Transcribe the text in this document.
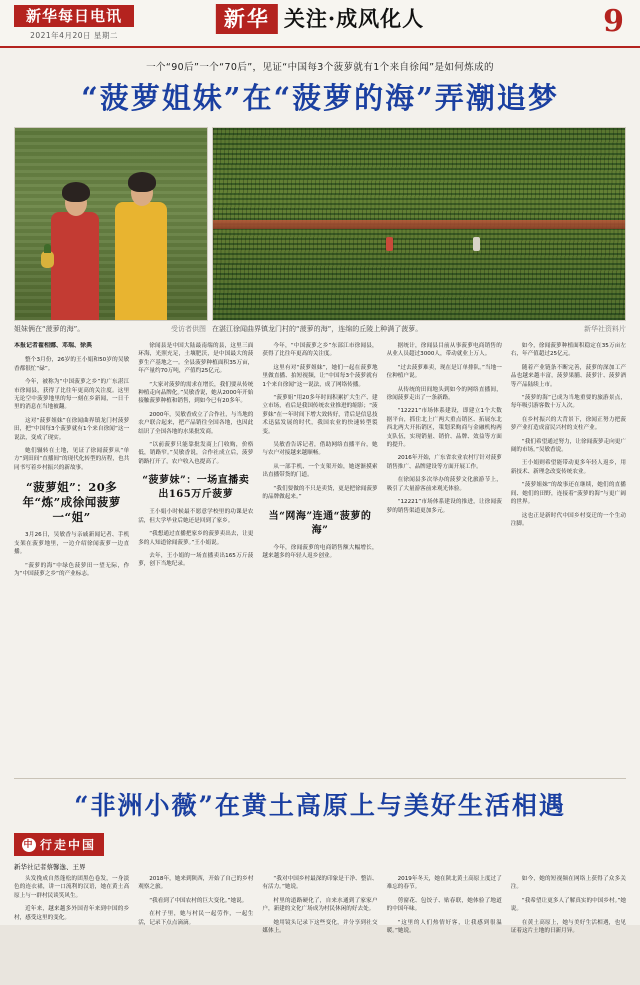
新华每日电讯
2021年4月20日 星期二
新华 关注·成风化人	9
一个“90后”一个“70后”，见证“中国每3个菠萝就有1个来自徐闻”是如何炼成的
“菠萝姐妹”在“菠萝的海”弄潮追梦
姐妹俩在“菠萝的海”。	受访者供图 在湛江徐闻曲界镇龙门村的“菠萝的海”，连绵的丘陵上种满了菠萝。	新华社资料片
本报记者翟相娜、邓瑞、徐典

整个3月份，26岁的王小娟和50岁的吴敏香都很忙“碌”。

今年，被称为“中国菠萝之乡”的广东湛江市徐闻县，获得了比往年更高的关注度。这里无论空中菠萝地里的每一刻在乡新闻，一日千里的消息在当地被翻。

这对“菠萝姐妹”在徐闻曲界镇龙门村菠萝田，把“中国每3个菠萝就有1个来自徐闻”这一说法，变成了现实。

她们辗转在土地，见证了徐闻菠萝从“单方”到田间“直播间”的现代化转型的历程，也共同书写着乡村振兴的新故事。

“菠萝姐”：20多年“炼”成徐闻菠萝一“姐”

3月26日，吴敏香与亲戚新闻记者、手机支架在菠萝地里，一边介绍徐闻菠萝一边直播。

“菠萝的海”中绿色菠萝田一望无际，作为“中国菠萝之乡”的产业标志。

徐闻县是中国大陆最南端的县，这里三面环海，光照充足，土壤肥沃，是中国最大的菠萝生产基地之一。全县菠萝种植面积35万亩，年产量约70万吨，产值约25亿元。

“大家对菠萝的需求在增长，我们要从传统种植走向品牌化。”吴敏香说，她从2000年开始接触菠萝种植和销售，到如今已有20多年。

2000年，吴敏香成立了合作社，与当地的农户联合起来，把产品销往全国各地，也因此结识了全国各地的水果批发商。

“以前菠萝只能靠批发商上门收购，价格低，销路窄。”吴敏香说，合作社成立后，菠萝销路打开了，农户收入也提高了。

“菠萝妹”：一场直播卖出165万斤菠萝

王小娟小时候最不愿意学校里的功课是农活，但大学毕业后她还是回到了家乡。

“我想通过直播把家乡的菠萝卖出去，让更多的人知道徐闻菠萝。”王小娟说。

去年，王小娟的一场直播卖出165万斤菠萝，创下当地纪录。

今年，“中国菠萝之乡”东部江市徐闻县，获得了比往年更高的关注度。

这里有对“菠萝姐妹”，她们一起在菠萝地里做直播、拍短视频，让“中国每3个菠萝就有1个来自徐闻”这一说法，成了网络传播。

“菠萝姐”用20多年时间积累扩大生产、建立市场，看后是我国传统农业推进的缩影；“菠萝妹”在一年时间下增大效转好，背后是信息技术迅猛发展的时代，我国农业的快速转型裂变。

吴敏香告诉记者，借助网络直播平台，她与农户对接越来越顺畅。

从一部手机、一个支架开始，她逐渐摸索出直播带货的门道。

“我们要做的不只是卖货，更是把徐闻菠萝的品牌做起来。”

当“网海”连通“菠萝的海”

今年，徐闻菠萝的电商销售额大幅增长，越来越多的年轻人返乡创业。

据统计，徐闻县目前从事菠萝电商销售的从业人员超过3000人，带动就业上万人。

“过去菠萝难卖，现在是订单排队。”当地一位种植户说。

从传统的田间地头到如今的网络直播间，徐闻菠萝走出了一条新路。

“12221”市场体系建设，即建立1个大数据平台，抓住北上广两大重点销区、拓展东北西北两大开拓销区，策划采购商与金融机构两支队伍，实现销量、销价、品牌、效益等方面的提升。

2016年开始，广东省农业农村厅针对菠萝销售推广、品牌建设等方面开展工作。

在徐闻县多次举办的菠萝文化旅游节上，吸引了大量游客前来观光体验。

“12221”市场体系建设的推进，让徐闻菠萝的销售渠道更加多元。

如今，徐闻菠萝种植面积稳定在35万亩左右，年产值超过25亿元。

随着产业链条不断完善，菠萝的深加工产品也越来越丰富，菠萝果脯、菠萝汁、菠萝酒等产品陆续上市。

“菠萝的海”已成为当地重要的旅游景点，每年吸引游客数十万人次。

在乡村振兴的大背景下，徐闻正努力把菠萝产业打造成富民兴村的支柱产业。

“我们希望通过努力，让徐闻菠萝走向更广阔的市场。”吴敏香说。

王小娟则希望能带动更多年轻人返乡，用新技术、新理念改变传统农业。

“菠萝姐妹”的故事还在继续，她们的直播间、她们的田野，连接着“菠萝的海”与更广阔的世界。

这也正是新时代中国乡村变迁的一个生动注脚。

“非洲小薇”在黄土高原上与美好生活相遇
中 行走中国
新华社记者蔡馨逸、王界

头发挽成自然蓬松的团黑色卷发，一身淡色的连衣裙，讲一口流利的汉语，她在黄土高原上与一群村民谈笑风生。

近年来，越来越多外国青年来到中国的乡村，感受这里的变化。

2018年，她来到陕西，开始了自己的乡村观察之旅。

“我看到了中国农村的巨大变化。”她说。

在村子里，她与村民一起劳作，一起生活，记录下点点滴滴。

“我对中国乡村最深的印象是干净、整洁、有活力。”她说。

村里的道路硬化了，自来水通到了家家户户，新建的文化广场成为村民休闲的好去处。

她用镜头记录下这些变化，并分享到社交媒体上。

2019年冬天，她在陕北黄土高原上度过了难忘的春节。

剪窗花、包饺子、贴春联，她体验了地道的中国年味。

“这里的人们热情好客，让我感到很温暖。”她说。

如今，她的短视频在网络上获得了众多关注。

“我希望让更多人了解真实的中国乡村。”她说。

在黄土高原上，她与美好生活相遇，也见证着这片土地的日新月异。
